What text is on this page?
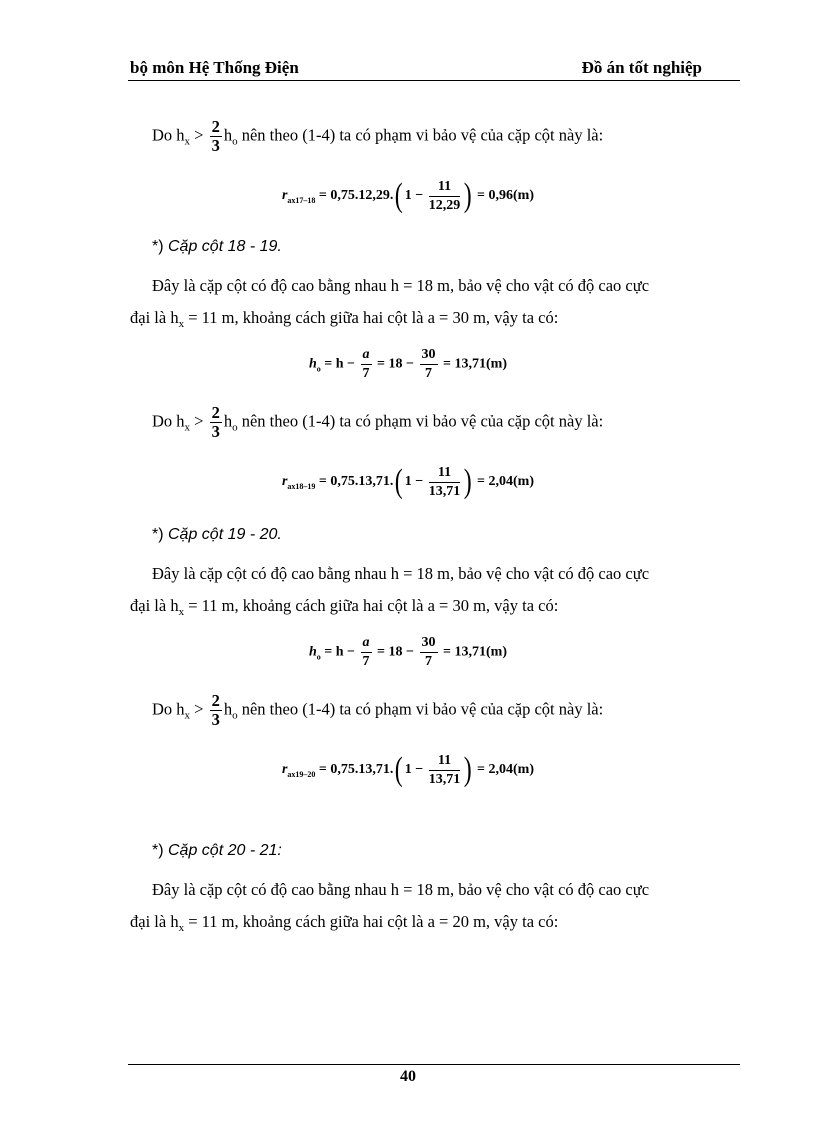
bộ môn Hệ Thống Điện	Đồ án tốt nghiệp
Do $h_x > \frac{2}{3} h_o$ nên theo (1-4) ta có phạm vi bảo vệ của cặp cột này là:
$r_{ax17-18} = 0,75.12,29$.( $1 - \frac{11}{12,29}$ ) = 0,96(m)
*) Cặp cột 18 - 19.
Đây là cặp cột có độ cao bằng nhau h = 18 m, bảo vệ cho vật có độ cao cực
đại là $h_x = 11$ m, khoảng cách giữa hai cột là a = 30 m, vậy ta có:
$h_o = h - \frac{a}{7} = 18 - \frac{30}{7} = 13,71(m)$
Do $h_x > \frac{2}{3} h_o$ nên theo (1-4) ta có phạm vi bảo vệ của cặp cột này là:
$r_{ax18-19} = 0,75.13,71$.( $1 - \frac{11}{13,71}$ ) = 2,04(m)
*) Cặp cột 19 - 20.
Đây là cặp cột có độ cao bằng nhau h = 18 m, bảo vệ cho vật có độ cao cực
đại là $h_x = 11$ m, khoảng cách giữa hai cột là a = 30 m, vậy ta có:
$h_o = h - \frac{a}{7} = 18 - \frac{30}{7} = 13,71(m)$
Do $h_x > \frac{2}{3} h_o$ nên theo (1-4) ta có phạm vi bảo vệ của cặp cột này là:
$r_{ax19-20} = 0,75.13,71$.( $1 - \frac{11}{13,71}$ ) = 2,04(m)
*) Cặp cột 20 - 21:
Đây là cặp cột có độ cao bằng nhau h = 18 m, bảo vệ cho vật có độ cao cực
đại là $h_x = 11$ m, khoảng cách giữa hai cột là a = 20 m, vậy ta có:
40
